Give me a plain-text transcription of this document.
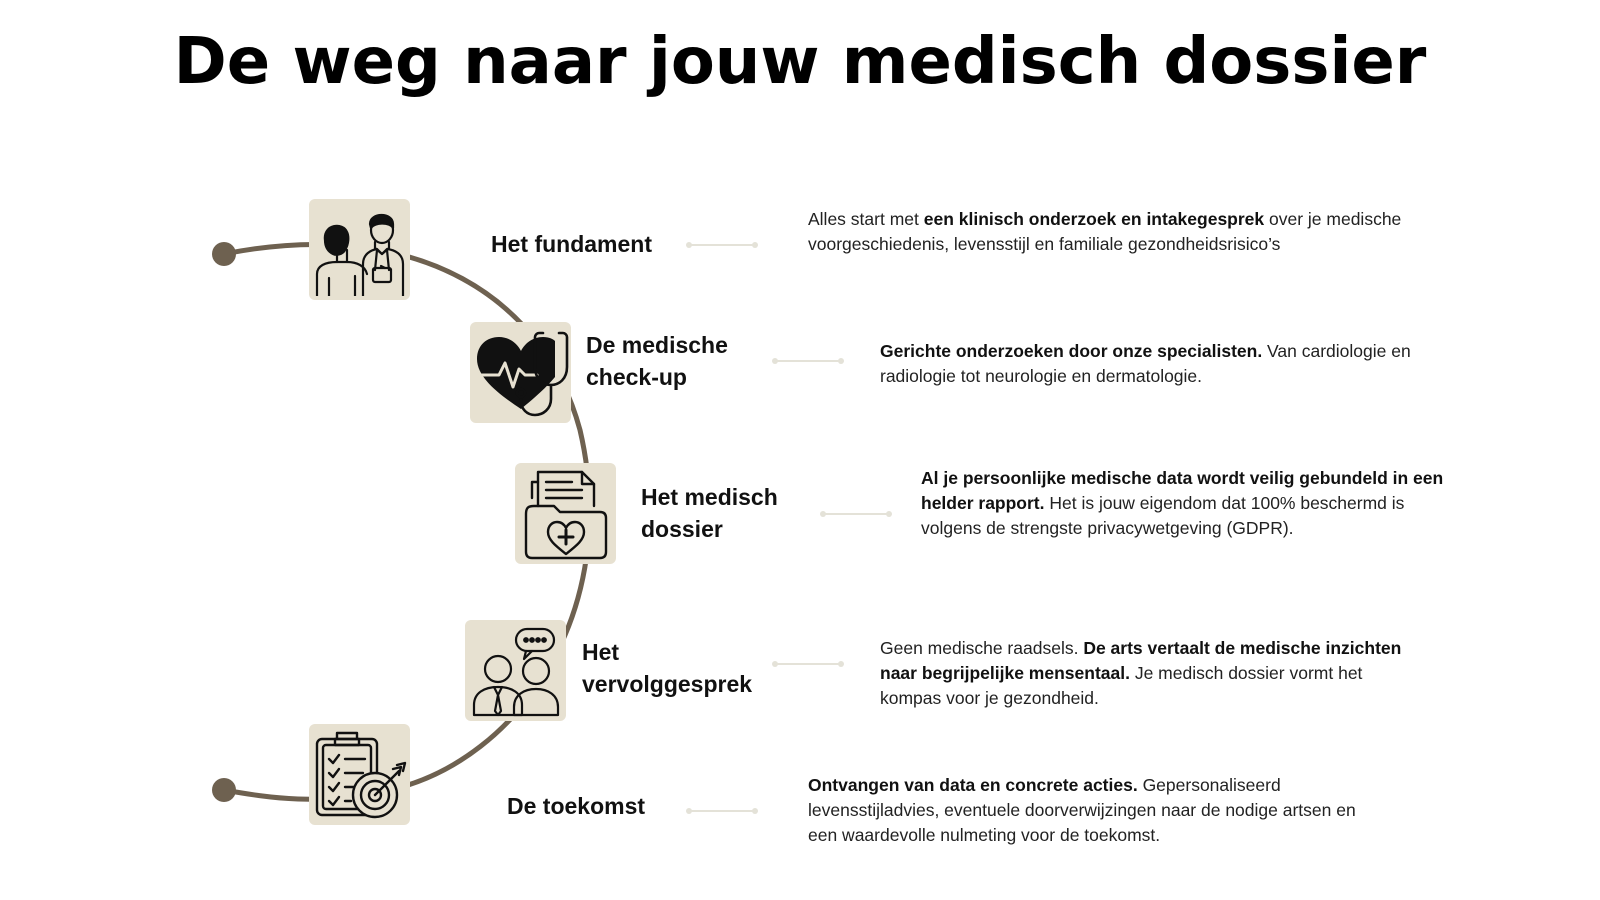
De weg naar jouw medisch dossier
Het fundament
Alles start met een klinisch onderzoek en intakegesprek over je medische voorgeschiedenis, levensstijl en familiale gezondheidsrisico’s
De medische check-up
Gerichte onderzoeken door onze specialisten. Van cardiologie en radiologie tot neurologie en dermatologie.
Het medisch dossier
Al je persoonlijke medische data wordt veilig gebundeld in een helder rapport. Het is jouw eigendom dat 100% beschermd is volgens de strengste privacywetgeving (GDPR).
Het vervolggesprek
Geen medische raadsels. De arts vertaalt de medische inzichten naar begrijpelijke mensentaal. Je medisch dossier vormt het kompas voor je gezondheid.
De toekomst
Ontvangen van data en concrete acties. Gepersonaliseerd levensstijladvies, eventuele doorverwijzingen naar de nodige artsen en een waardevolle nulmeting voor de toekomst.
